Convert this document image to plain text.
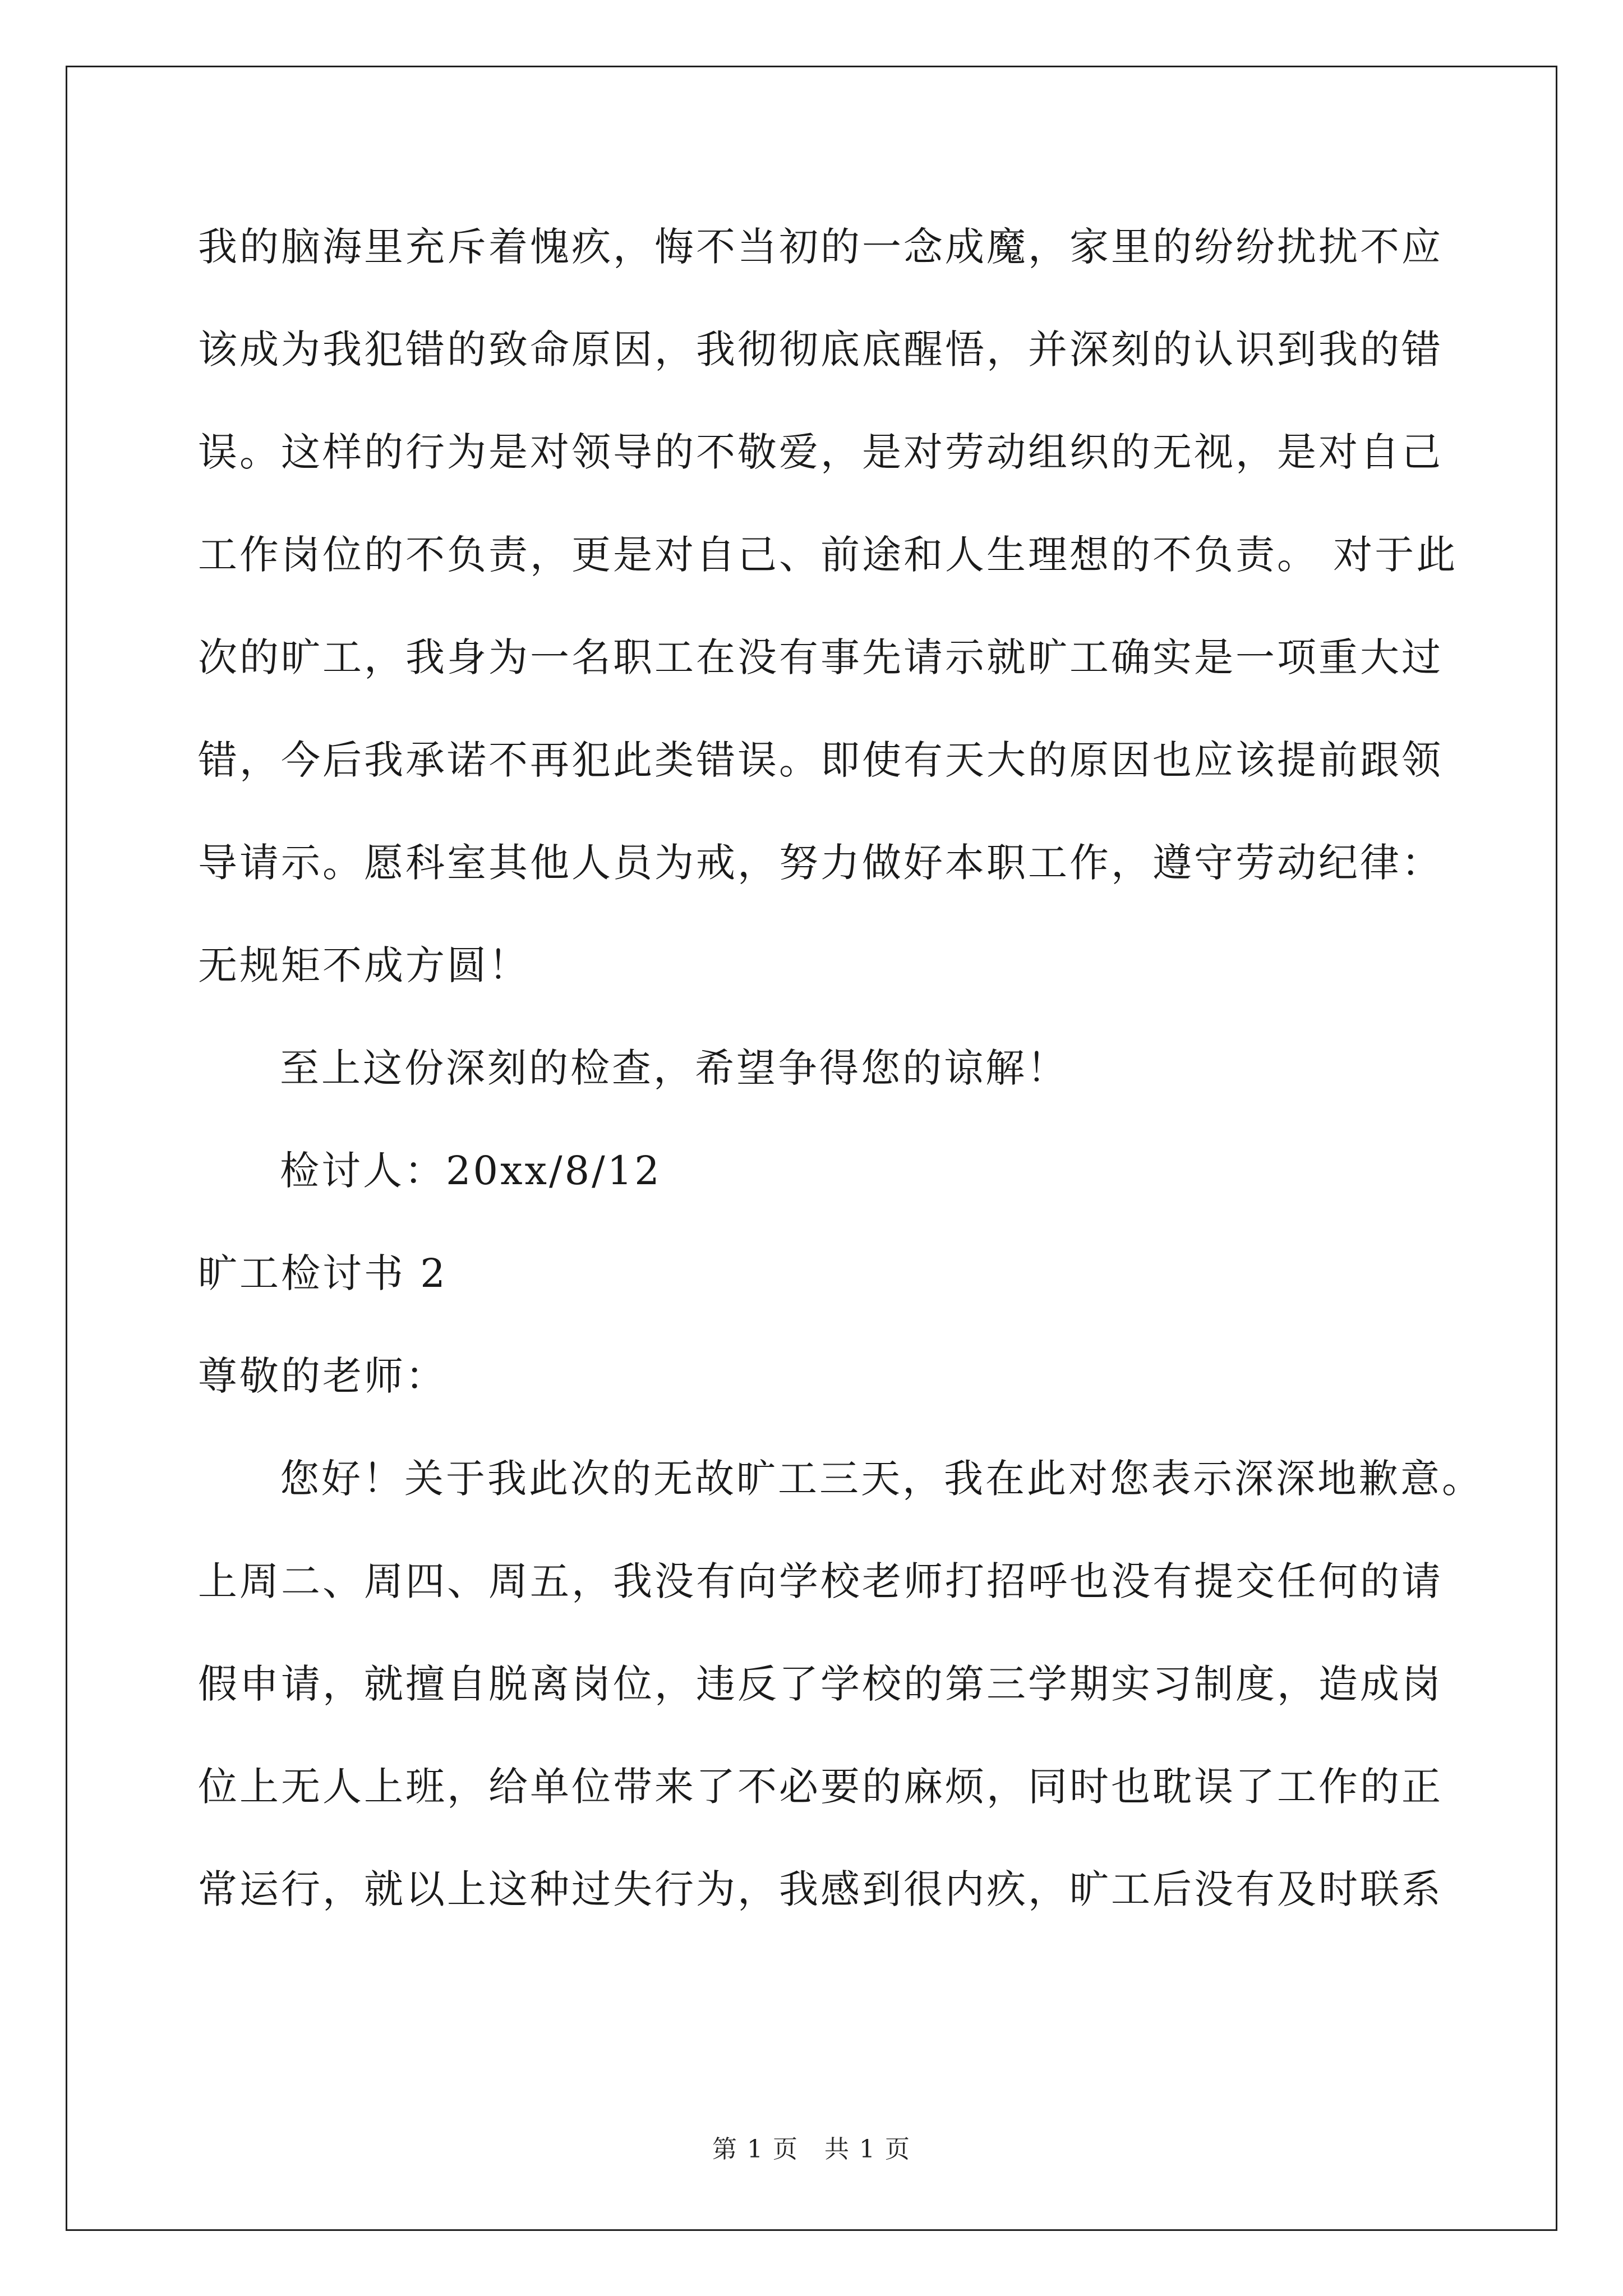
我的脑海里充斥着愧疚，悔不当初的一念成魔，家里的纷纷扰扰不应
该成为我犯错的致命原因，我彻彻底底醒悟，并深刻的认识到我的错
误。这样的行为是对领导的不敬爱，是对劳动组织的无视，是对自己
工作岗位的不负责，更是对自己、前途和人生理想的不负责。 对于此
次的旷工，我身为一名职工在没有事先请示就旷工确实是一项重大过
错，今后我承诺不再犯此类错误。即使有天大的原因也应该提前跟领
导请示。愿科室其他人员为戒，努力做好本职工作，遵守劳动纪律：
无规矩不成方圆！
至上这份深刻的检查，希望争得您的谅解！
检讨人：20xx/8/12
旷工检讨书 2
尊敬的老师：
您好！关于我此次的无故旷工三天，我在此对您表示深深地歉意。
上周二、周四、周五，我没有向学校老师打招呼也没有提交任何的请
假申请，就擅自脱离岗位，违反了学校的第三学期实习制度，造成岗
位上无人上班，给单位带来了不必要的麻烦，同时也耽误了工作的正
常运行，就以上这种过失行为，我感到很内疚，旷工后没有及时联系
第 1 页　共 1 页
